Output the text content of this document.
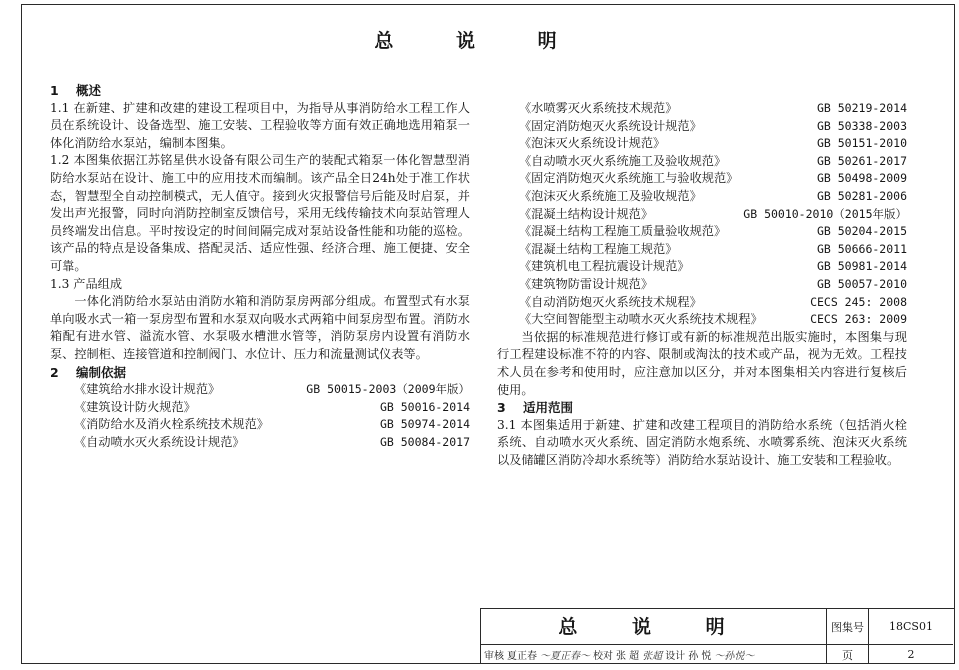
总 说 明
1 概述
1.1 在新建、扩建和改建的建设工程项目中，为指导从事消防给水工程工作人员在系统设计、设备选型、施工安装、工程验收等方面有效正确地选用箱泵一体化消防给水泵站，编制本图集。
1.2 本图集依据江苏铭星供水设备有限公司生产的装配式箱泵一体化智慧型消防给水泵站在设计、施工中的应用技术而编制。该产品全日24h处于准工作状态，智慧型全自动控制模式，无人值守。接到火灾报警信号后能及时启泵，并发出声光报警，同时向消防控制室反馈信号，采用无线传输技术向泵站管理人员终端发出信息。平时按设定的时间间隔完成对泵站设备性能和功能的巡检。该产品的特点是设备集成、搭配灵活、适应性强、经济合理、施工便捷、安全可靠。
1.3 产品组成
一体化消防给水泵站由消防水箱和消防泵房两部分组成。布置型式有水泵单向吸水式一箱一泵房型布置和水泵双向吸水式两箱中间泵房型布置。消防水箱配有进水管、溢流水管、水泵吸水槽泄水管等，消防泵房内设置有消防水泵、控制柜、连接管道和控制阀门、水位计、压力和流量测试仪表等。
2 编制依据
《建筑给水排水设计规范》	GB 50015-2003（2009年版）
《建筑设计防火规范》	GB 50016-2014
《消防给水及消火栓系统技术规范》	GB 50974-2014
《自动喷水灭火系统设计规范》	GB 50084-2017
《水喷雾灭火系统技术规范》	GB 50219-2014
《固定消防炮灭火系统设计规范》	GB 50338-2003
《泡沫灭火系统设计规范》	GB 50151-2010
《自动喷水灭火系统施工及验收规范》	GB 50261-2017
《固定消防炮灭火系统施工与验收规范》	GB 50498-2009
《泡沫灭火系统施工及验收规范》	GB 50281-2006
《混凝土结构设计规范》	GB 50010-2010（2015年版）
《混凝土结构工程施工质量验收规范》	GB 50204-2015
《混凝土结构工程施工规范》	GB 50666-2011
《建筑机电工程抗震设计规范》	GB 50981-2014
《建筑物防雷设计规范》	GB 50057-2010
《自动消防炮灭火系统技术规程》	CECS 245: 2008
《大空间智能型主动喷水灭火系统技术规程》	CECS 263: 2009
当依据的标准规范进行修订或有新的标准规范出版实施时，本图集与现行工程建设标准不符的内容、限制或淘汰的技术或产品，视为无效。工程技术人员在参考和使用时，应注意加以区分，并对本图集相关内容进行复核后使用。
3 适用范围
3.1 本图集适用于新建、扩建和改建工程项目的消防给水系统（包括消火栓系统、自动喷水灭火系统、固定消防水炮系统、水喷雾系统、泡沫灭火系统以及储罐区消防冷却水系统等）消防给水泵站设计、施工安装和工程验收。
总 说 明	图集号	18CS01
审核 夏正春 ～夏正春～ 校对 张 超 张超 设计 孙 悦 ～孙悦～	页	2
